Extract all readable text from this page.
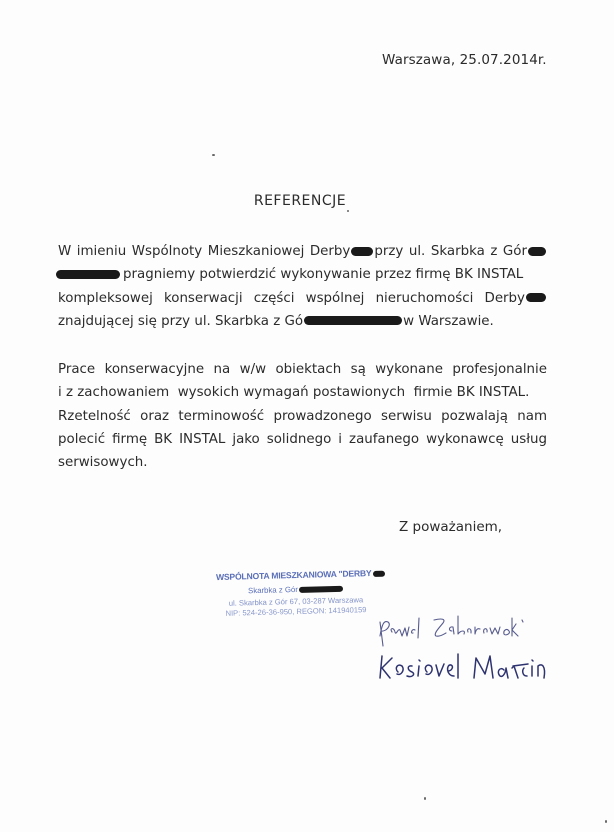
Warszawa, 25.07.2014r.
REFERENCJE
W imieniu Wspólnoty Mieszkaniowej Derby przy ul. Skarbka z Gór
pragniemy potwierdzić wykonywanie przez firmę BK INSTAL
kompleksowej konserwacji części wspólnej nieruchomości Derby
znajdującej się przy ul. Skarbka z Gó	w Warszawie.
Prace konserwacyjne na w/w obiektach są wykonane profesjonalnie
i z zachowaniem  wysokich wymagań postawionych  firmie BK INSTAL.
Rzetelność oraz terminowość prowadzonego serwisu pozwalają nam
polecić firmę BK INSTAL jako solidnego i zaufanego wykonawcę usług
serwisowych.
Z poważaniem,
WSPÓLNOTA MIESZKANIOWA "DERBY
Skarbka z Gór
ul. Skarbka z Gór 67, 03-287 Warszawa
NIP: 524-26-36-950, REGON: 141940159
